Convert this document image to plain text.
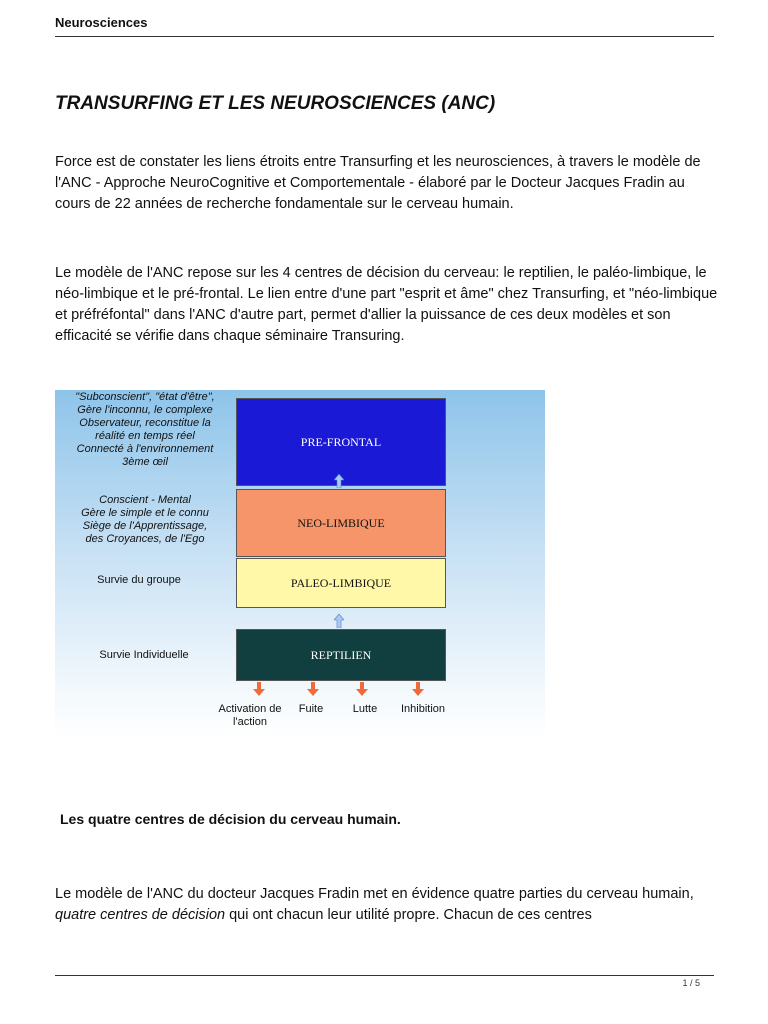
Neurosciences
TRANSURFING ET LES NEUROSCIENCES (ANC)

Force est de constater les liens étroits entre Transurfing et les neurosciences, à travers le modèle de l'ANC - Approche NeuroCognitive et Comportementale - élaboré par le Docteur Jacques Fradin au cours de 22 années de recherche fondamentale sur le cerveau humain.

Le modèle de l'ANC repose sur les 4 centres de décision du cerveau: le reptilien, le paléo-limbique, le néo-limbique et le pré-frontal. Le lien entre d'une part "esprit et âme" chez Transurfing, et "néo-limbique et préfréfontal" dans l'ANC d'autre part, permet d'allier la puissance de ces deux modèles et son efficacité se vérifie dans chaque séminaire Transuring.

"Subconscient", "état d'être",
Gère l'inconnu, le complexe
Observateur, reconstitue la
réalité en temps réel
Connecté à l'environnement
3ème œil
Conscient - Mental
Gère le simple et le connu
Siège de l'Apprentissage,
des Croyances, de l'Ego
Survie du groupe
Survie Individuelle
PRE-FRONTAL
NEO-LIMBIQUE
PALEO-LIMBIQUE
REPTILIEN
Activation de
l'action
Fuite	Lutte	Inhibition

Les quatre centres de décision du cerveau humain.

Le modèle de l'ANC du docteur Jacques Fradin met en évidence quatre parties du cerveau humain, quatre centres de décision qui ont chacun leur utilité propre. Chacun de ces centres

1 / 5
